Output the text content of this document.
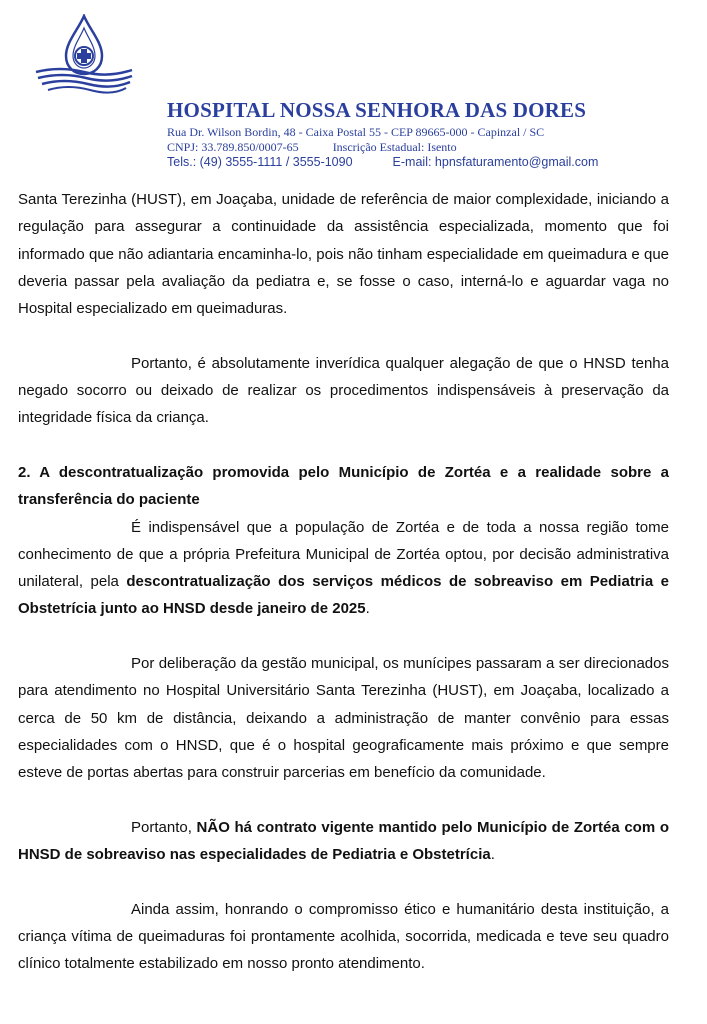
HOSPITAL NOSSA SENHORA DAS DORES
Rua Dr. Wilson Bordin, 48 - Caixa Postal 55 - CEP 89665-000 - Capinzal / SC
CNPJ: 33.789.850/0007-65	Inscrição Estadual: Isento
Tels.: (49) 3555-1111 / 3555-1090	E-mail: hpnsfaturamento@gmail.com

Santa Terezinha (HUST), em Joaçaba, unidade de referência de maior complexidade, iniciando a regulação para assegurar a continuidade da assistência especializada, momento que foi informado que não adiantaria encaminha-lo, pois não tinham especialidade em queimadura e que deveria passar pela avaliação da pediatra e, se fosse o caso, interná-lo e aguardar vaga no Hospital especializado em queimaduras.

Portanto, é absolutamente inverídica qualquer alegação de que o HNSD tenha negado socorro ou deixado de realizar os procedimentos indispensáveis à preservação da integridade física da criança.

2. A descontratualização promovida pelo Município de Zortéa e a realidade sobre a transferência do paciente

É indispensável que a população de Zortéa e de toda a nossa região tome conhecimento de que a própria Prefeitura Municipal de Zortéa optou, por decisão administrativa unilateral, pela descontratualização dos serviços médicos de sobreaviso em Pediatria e Obstetrícia junto ao HNSD desde janeiro de 2025.

Por deliberação da gestão municipal, os munícipes passaram a ser direcionados para atendimento no Hospital Universitário Santa Terezinha (HUST), em Joaçaba, localizado a cerca de 50 km de distância, deixando a administração de manter convênio para essas especialidades com o HNSD, que é o hospital geograficamente mais próximo e que sempre esteve de portas abertas para construir parcerias em benefício da comunidade.

Portanto, NÃO há contrato vigente mantido pelo Município de Zortéa com o HNSD de sobreaviso nas especialidades de Pediatria e Obstetrícia.

Ainda assim, honrando o compromisso ético e humanitário desta instituição, a criança vítima de queimaduras foi prontamente acolhida, socorrida, medicada e teve seu quadro clínico totalmente estabilizado em nosso pronto atendimento.
